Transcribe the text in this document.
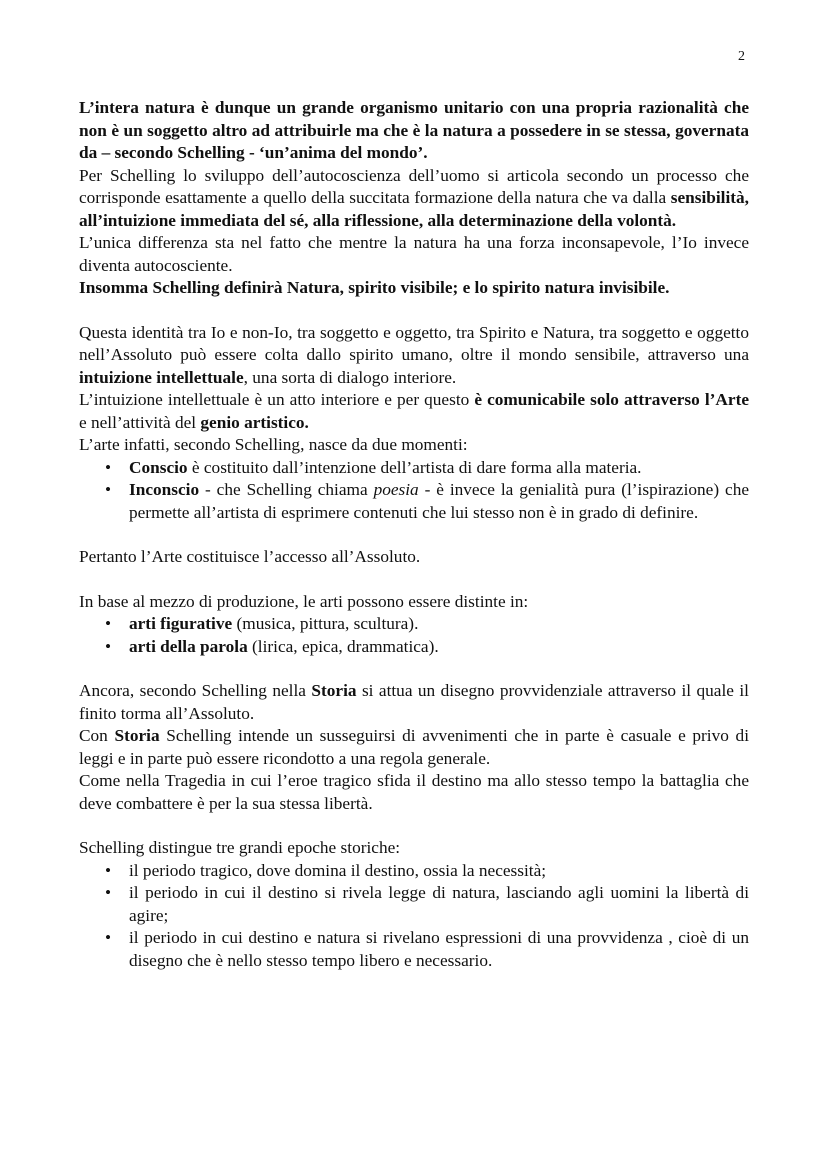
2

L’intera natura è dunque un grande organismo unitario con una propria razionalità che non è un soggetto altro ad attribuirle ma che è la natura a possedere in se stessa, governata da – secondo Schelling - ‘un’anima del mondo’.

Per Schelling lo sviluppo dell’autocoscienza dell’uomo si articola secondo un processo che corrisponde esattamente a quello della succitata formazione della natura che va dalla sensibilità, all’intuizione immediata del sé, alla riflessione, alla determinazione della volontà.

L’unica differenza sta nel fatto che mentre la natura ha una forza inconsapevole, l’Io invece diventa autocosciente.

Insomma Schelling definirà Natura, spirito visibile; e lo spirito natura invisibile.

Questa identità tra Io e non-Io, tra soggetto e oggetto, tra Spirito e Natura, tra soggetto e oggetto nell’Assoluto può essere colta dallo spirito umano, oltre il mondo sensibile, attraverso una intuizione intellettuale, una sorta di dialogo interiore.

L’intuizione intellettuale è un atto interiore e per questo è comunicabile solo attraverso l’Arte e nell’attività del genio artistico.

L’arte infatti, secondo Schelling, nasce da due momenti:

• Conscio è costituito dall’intenzione dell’artista di dare forma alla materia.
• Inconscio - che Schelling chiama poesia - è invece la genialità pura (l’ispirazione) che permette all’artista di esprimere contenuti che lui stesso non è in grado di definire.

Pertanto l’Arte costituisce l’accesso all’Assoluto.

In base al mezzo di produzione, le arti possono essere distinte in:

• arti figurative (musica, pittura, scultura).
• arti della parola (lirica, epica, drammatica).

Ancora, secondo Schelling nella Storia si attua un disegno provvidenziale attraverso il quale il finito torma all’Assoluto.

Con Storia Schelling intende un susseguirsi di avvenimenti che in parte è casuale e privo di leggi e in parte può essere ricondotto a una regola generale.

Come nella Tragedia in cui l’eroe tragico sfida il destino ma allo stesso tempo la battaglia che deve combattere è per la sua stessa libertà.

Schelling distingue tre grandi epoche storiche:

• il periodo tragico, dove domina il destino, ossia la necessità;
• il periodo in cui il destino si rivela legge di natura, lasciando agli uomini la libertà di agire;
• il periodo in cui destino e natura si rivelano espressioni di una provvidenza , cioè di un disegno che è nello stesso tempo libero e necessario.
